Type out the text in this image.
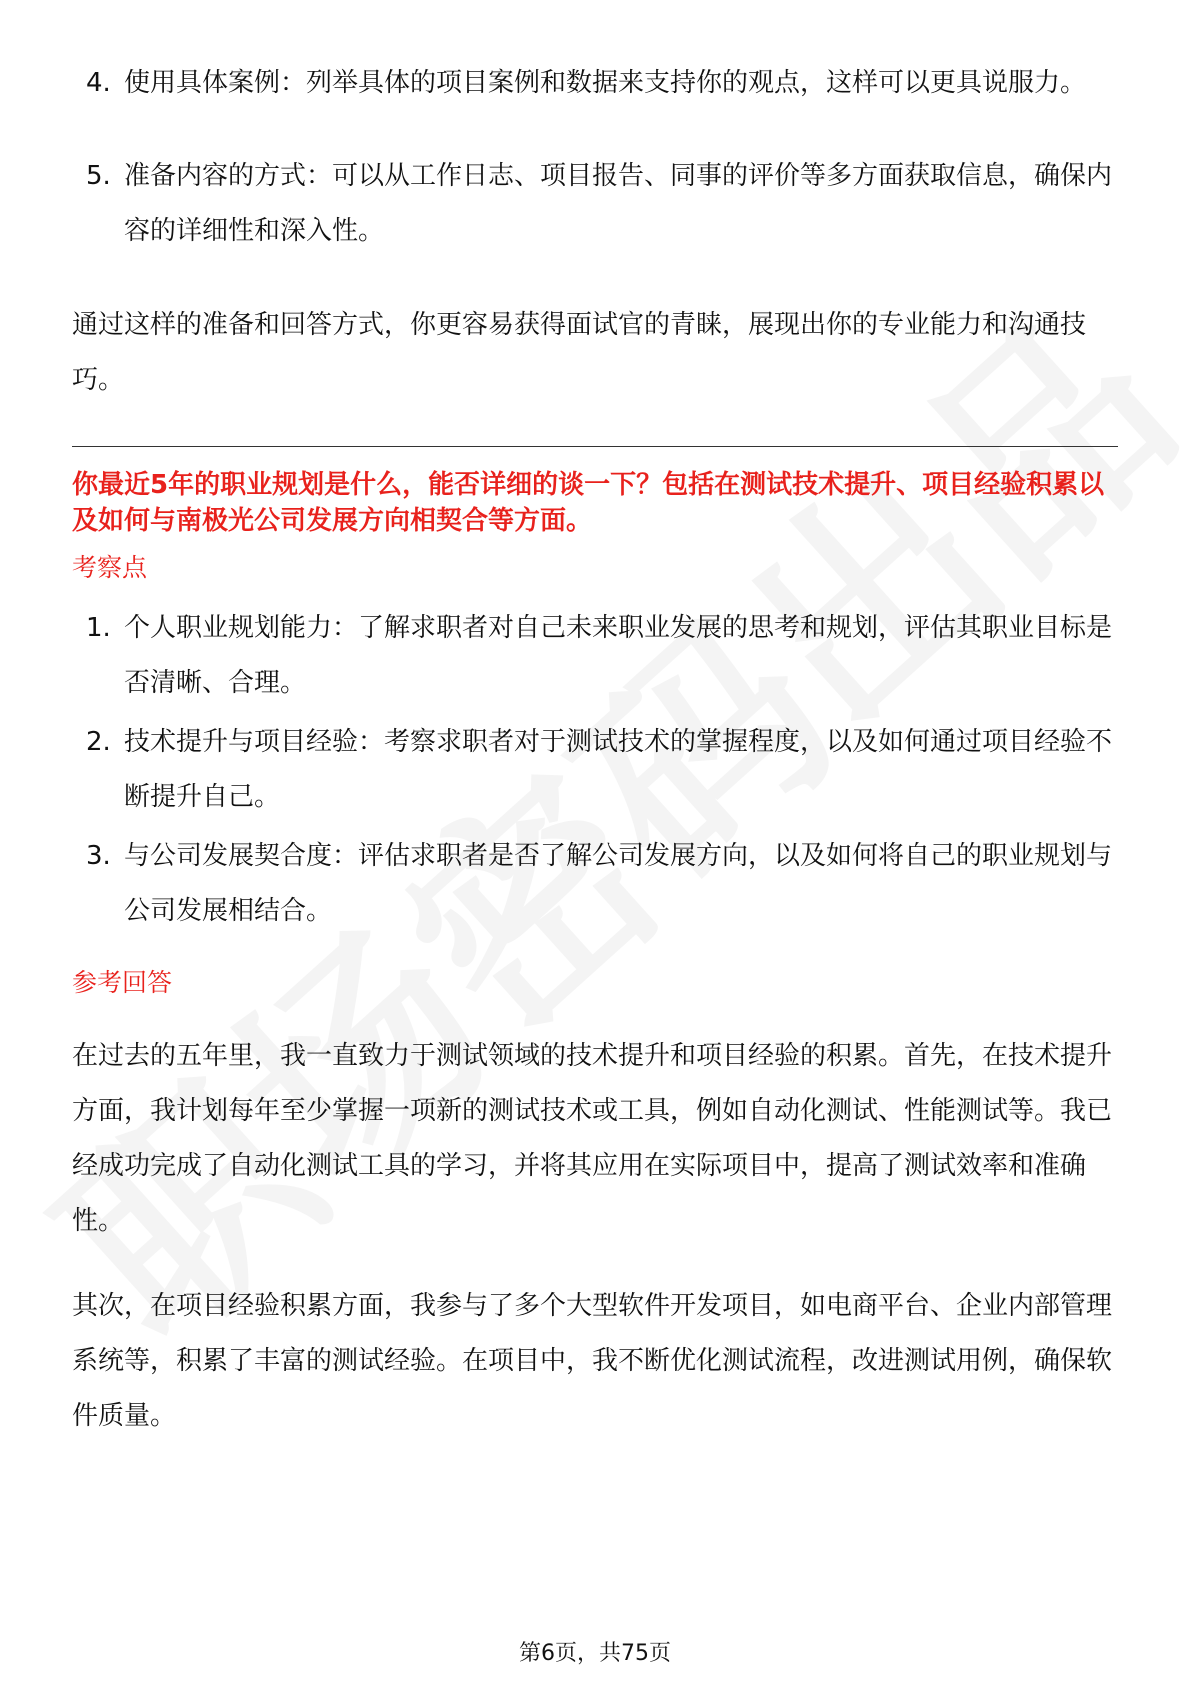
4. 使用具体案例：列举具体的项目案例和数据来支持你的观点，这样可以更具说服力。
5. 准备内容的方式：可以从工作日志、项目报告、同事的评价等多方面获取信息，确保内容的详细性和深入性。

通过这样的准备和回答方式，你更容易获得面试官的青睐，展现出你的专业能力和沟通技巧。

你最近5年的职业规划是什么，能否详细的谈一下？包括在测试技术提升、项目经验积累以及如何与南极光公司发展方向相契合等方面。

考察点

1. 个人职业规划能力：了解求职者对自己未来职业发展的思考和规划，评估其职业目标是否清晰、合理。
2. 技术提升与项目经验：考察求职者对于测试技术的掌握程度，以及如何通过项目经验不断提升自己。
3. 与公司发展契合度：评估求职者是否了解公司发展方向，以及如何将自己的职业规划与公司发展相结合。

参考回答

在过去的五年里，我一直致力于测试领域的技术提升和项目经验的积累。首先，在技术提升方面，我计划每年至少掌握一项新的测试技术或工具，例如自动化测试、性能测试等。我已经成功完成了自动化测试工具的学习，并将其应用在实际项目中，提高了测试效率和准确性。

其次，在项目经验积累方面，我参与了多个大型软件开发项目，如电商平台、企业内部管理系统等，积累了丰富的测试经验。在项目中，我不断优化测试流程，改进测试用例，确保软件质量。

第6页，共75页
